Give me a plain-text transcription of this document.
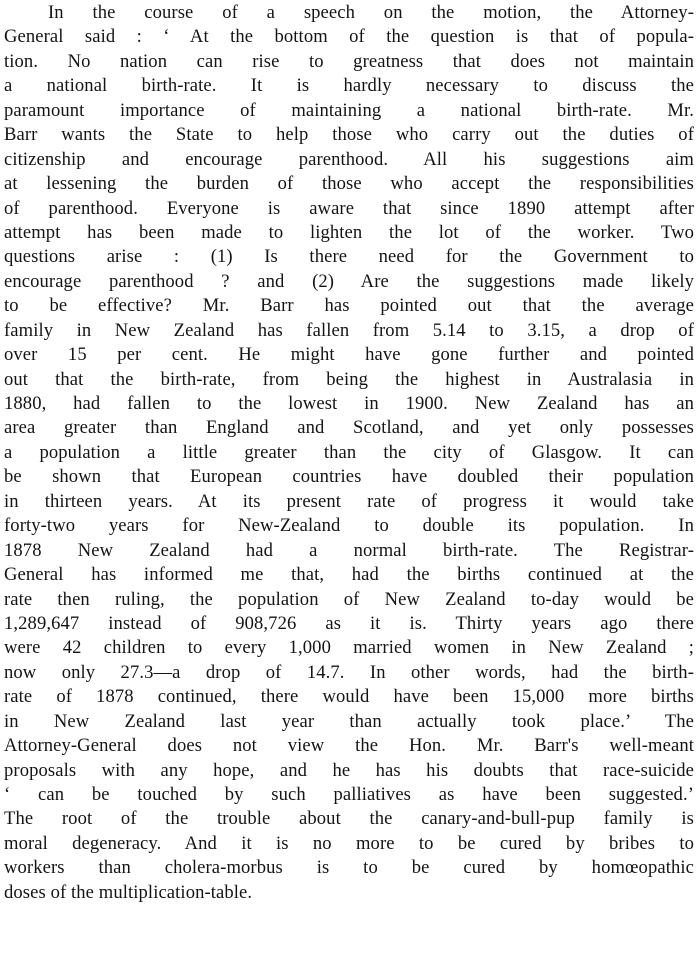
In the course of a speech on the motion, the Attorney-
General said : ‘ At the bottom of the question is that of popula-
tion. No nation can rise to greatness that does not maintain
a national birth-rate. It is hardly necessary to discuss the
paramount importance of maintaining a national birth-rate. Mr.
Barr wants the State to help those who carry out the duties of
citizenship and encourage parenthood. All his suggestions aim
at lessening the burden of those who accept the responsibilities
of parenthood. Everyone is aware that since 1890 attempt after
attempt has been made to lighten the lot of the worker. Two
questions arise : (1) Is there need for the Government to
encourage parenthood ? and (2) Are the suggestions made likely
to be effective? Mr. Barr has pointed out that the average
family in New Zealand has fallen from 5.14 to 3.15, a drop of
over 15 per cent. He might have gone further and pointed
out that the birth-rate, from being the highest in Australasia in
1880, had fallen to the lowest in 1900. New Zealand has an
area greater than England and Scotland, and yet only possesses
a population a little greater than the city of Glasgow. It can
be shown that European countries have doubled their population
in thirteen years. At its present rate of progress it would take
forty-two years for New-Zealand to double its population. In
1878 New Zealand had a normal birth-rate. The Registrar-
General has informed me that, had the births continued at the
rate then ruling, the population of New Zealand to-day would be
1,289,647 instead of 908,726 as it is. Thirty years ago there
were 42 children to every 1,000 married women in New Zealand ;
now only 27.3—a drop of 14.7. In other words, had the birth-
rate of 1878 continued, there would have been 15,000 more births
in New Zealand last year than actually took place.’ The
Attorney-General does not view the Hon. Mr. Barr's well-meant
proposals with any hope, and he has his doubts that race-suicide
‘ can be touched by such palliatives as have been suggested.’
The root of the trouble about the canary-and-bull-pup family is
moral degeneracy. And it is no more to be cured by bribes to
workers than cholera-morbus is to be cured by homœopathic
doses of the multiplication-table.
